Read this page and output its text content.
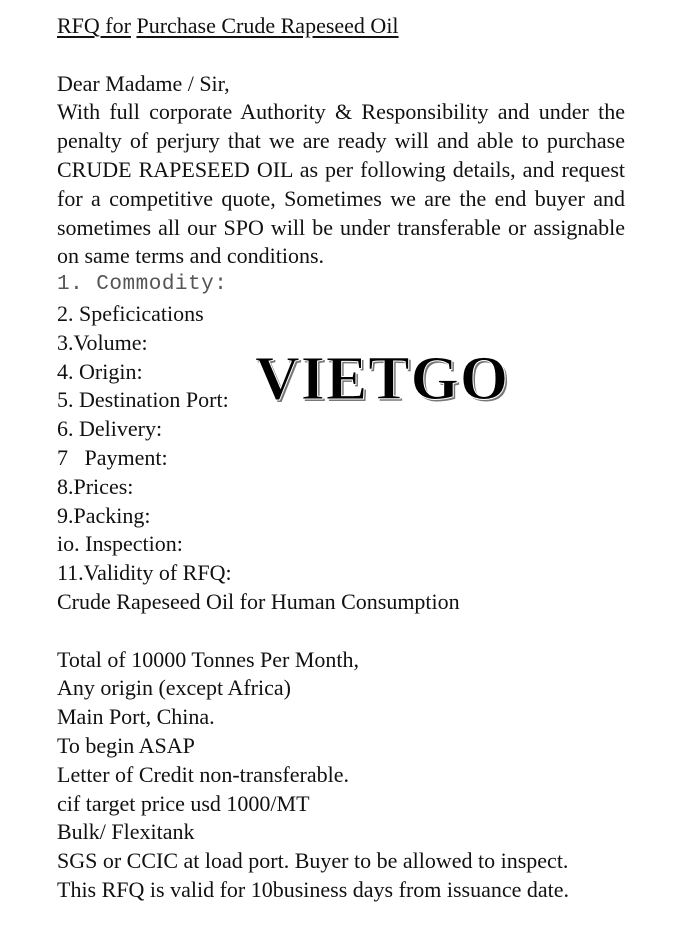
RFQ for Purchase Crude Rapeseed Oil
Dear Madame / Sir,
With full corporate Authority & Responsibility and under the penalty of perjury that we are ready will and able to purchase CRUDE RAPESEED OIL as per following details, and request for a competitive quote, Sometimes we are the end buyer and sometimes all our SPO will be under transferable or assignable on same terms and conditions.
1. Commodity:
2. Speficications
3.Volume:
4. Origin:
5. Destination Port:
6. Delivery:
7   Payment:
8.Prices:
9.Packing:
io. Inspection:
11.Validity of RFQ:
Crude Rapeseed Oil for Human Consumption
Total of 10000 Tonnes Per Month,
Any origin (except Africa)
Main Port, China.
To begin ASAP
Letter of Credit non-transferable.
cif target price usd 1000/MT
Bulk/ Flexitank
SGS or CCIC at load port. Buyer to be allowed to inspect.
This RFQ is valid for 10business days from issuance date.
VIETGO
